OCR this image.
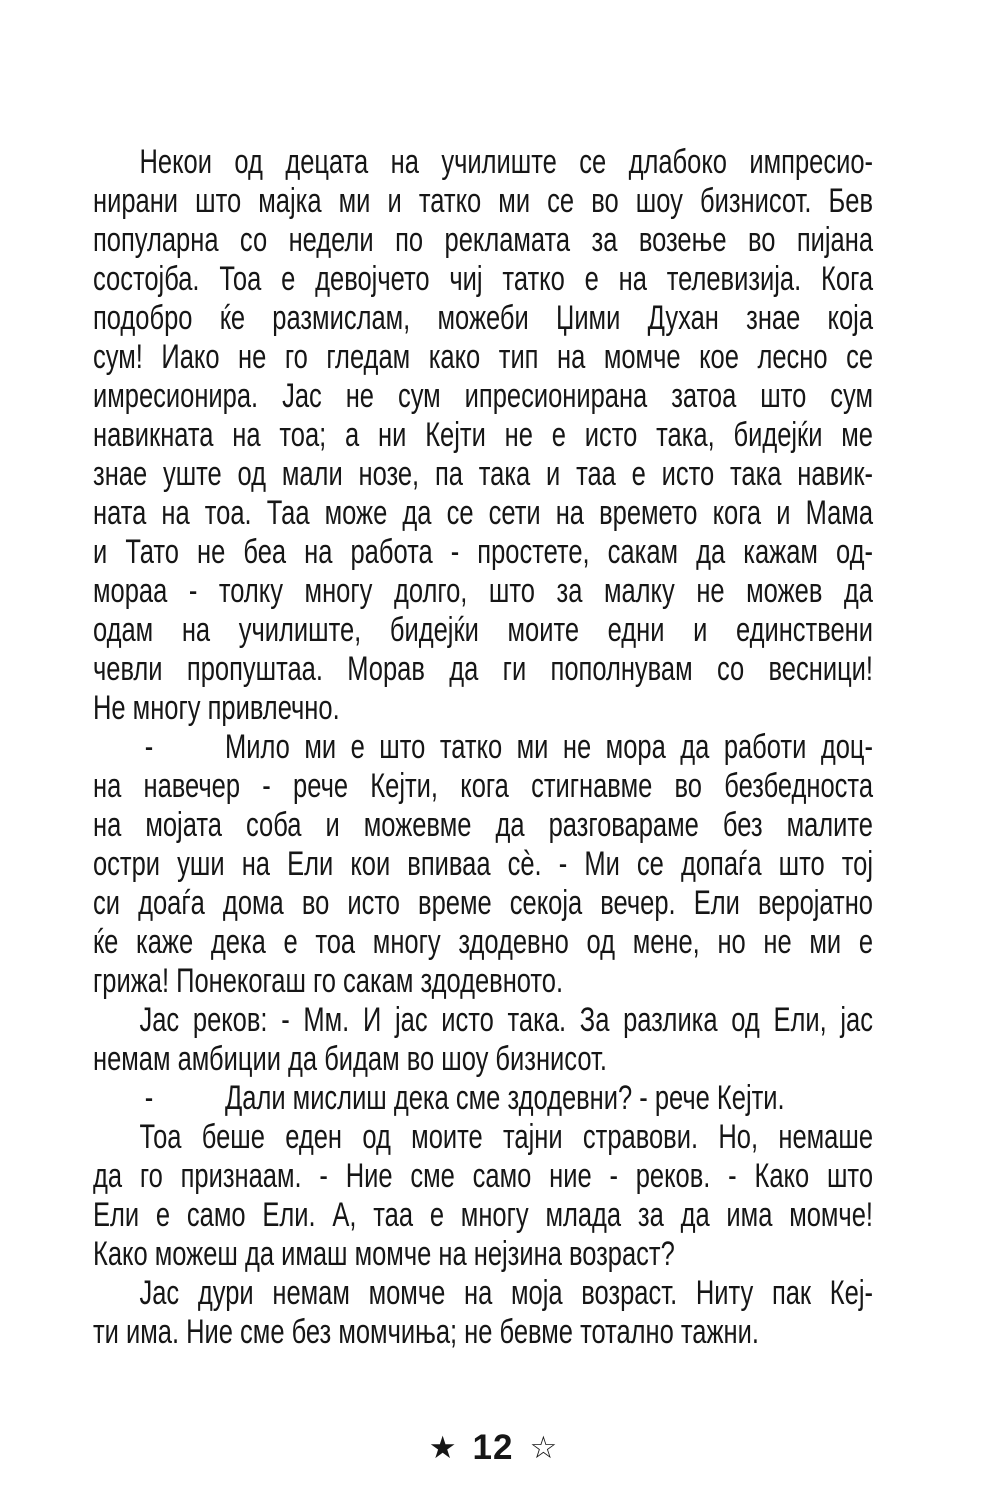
Некои од децата на училиште се длабоко импресио-
нирани што мајка ми и татко ми се во шоу бизнисот. Бев
популарна со недели по рекламата за возење во пијана
состојба. Тоа е девојчето чиј татко е на телевизија. Кога
подобро ќе размислам, можеби Џими Духан знае која
сум! Иако не го гледам како тип на момче кое лесно се
имресионира. Јас не сум ипресионирана затоа што сум
навикната на тоа; а ни Кејти не е исто така, бидејќи ме
знае уште од мали нозе, па така и таа е исто така навик-
ната на тоа. Таа може да се сети на времето кога и Мама
и Тато не беа на работа - простете, сакам да кажам од-
мораа - толку многу долго, што за малку не можев да
одам на училиште, бидејќи моите едни и единствени
чевли пропуштаа. Морав да ги пополнувам со весници!
Не многу привлечно.
- Мило ми е што татко ми не мора да работи доц-
на навечер - рече Кејти, кога стигнавме во безбедноста
на мојата соба и можевме да разговараме без малите
остри уши на Ели кои впиваа сѐ. - Ми се допаѓа што тој
си доаѓа дома во исто време секоја вечер. Ели веројатно
ќе каже дека е тоа многу здодевно од мене, но не ми е
грижа! Понекогаш го сакам здодевното.
Јас реков: - Мм. И јас исто така. За разлика од Ели, јас
немам амбиции да бидам во шоу бизнисот.
- Дали мислиш дека сме здодевни? - рече Кејти.
Тоа беше еден од моите тајни стравови. Но, немаше
да го признаам. - Ние сме само ние - реков. - Како што
Ели е само Ели. А, таа е многу млада за да има момче!
Како можеш да имаш момче на нејзина возраст?
Јас дури немам момче на моја возраст. Ниту пак Кеј-
ти има. Ние сме без момчиња; не бевме тотално тажни.
★ 12 ☆
